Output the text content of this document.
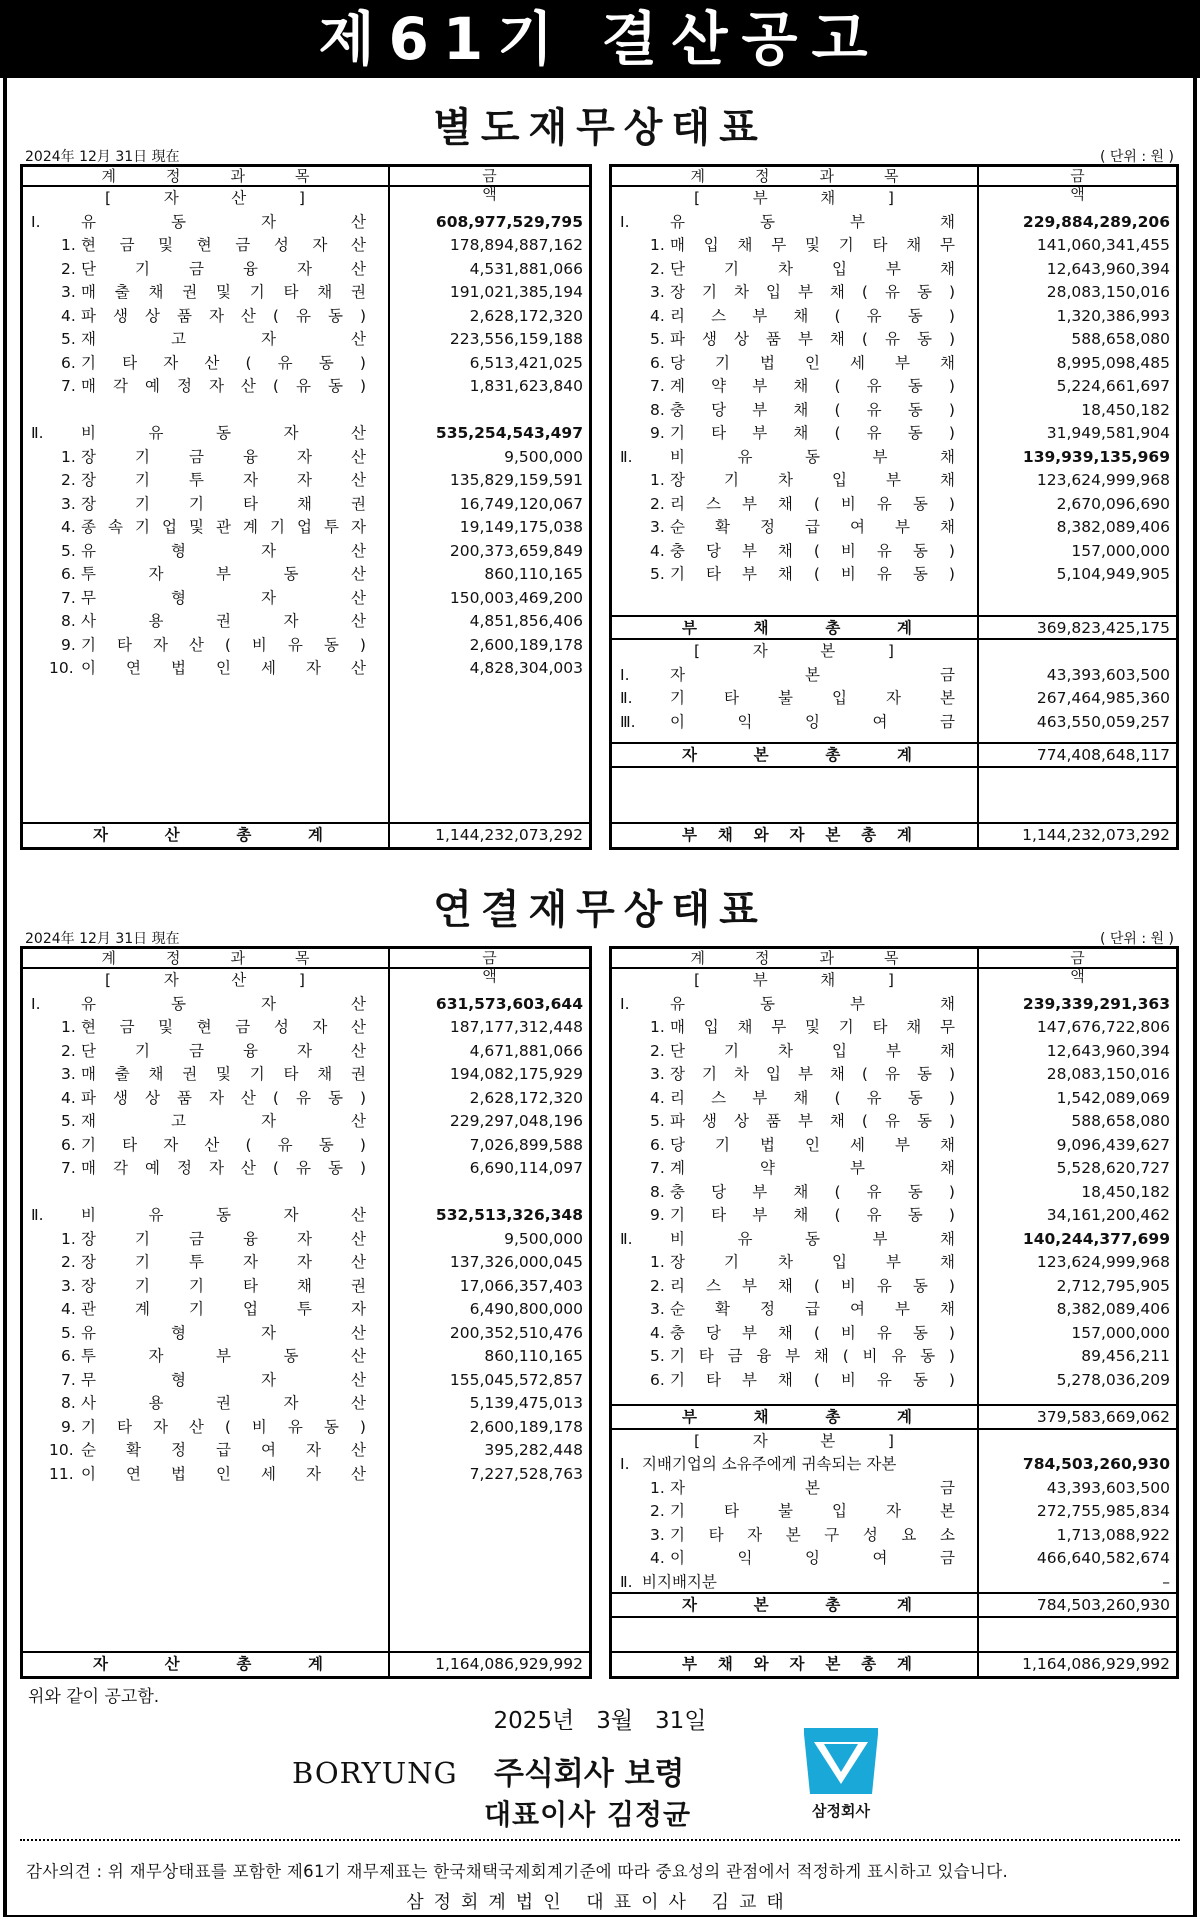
제61기 결산공고
별도재무상태표
2024年 12月 31日 現在	( 단위 : 원 )
계정과목	금액
[	자	산	]
Ⅰ.	유	동	자	산	608,977,529,795
1. 현 금 및 현 금 성 자 산	178,894,887,162
2. 단	기	금	융	자	산	4,531,881,066
3. 매 출 채 권 및 기 타 채 권	191,021,385,194
4. 파 생 상 품 자 산 ( 유 동 )	2,628,172,320
5. 재	고	자	산	223,556,159,188
6. 기 타 자 산 ( 유 동 )	6,513,421,025
7. 매 각 예 정 자 산 ( 유 동 )	1,831,623,840
Ⅱ. 비	유	동	자	산	535,254,543,497
1. 장	기	금	융	자	산	9,500,000
2. 장	기	투	자	자	산	135,829,159,591
3. 장	기	기	타	채	권	16,749,120,067
4. 종 속 기 업 및 관 계 기 업 투 자	19,149,175,038
5. 유	형	자	산	200,373,659,849
6. 투	자	부	동	산	860,110,165
7. 무	형	자	산	150,003,469,200
8. 사	용	권	자	산	4,851,856,406
9. 기 타 자 산 ( 비 유 동 )	2,600,189,178
10. 이 연 법 인 세 자 산	4,828,304,003
자	산	총	계	1,144,232,073,292
계정과목	금액
[	부	채	]
Ⅰ.	유	동	부	채	229,884,289,206
1. 매 입 채 무 및 기 타 채 무	141,060,341,455
2. 단	기	차	입	부	채	12,643,960,394
3. 장 기 차 입 부 채 ( 유 동 )	28,083,150,016
4. 리 스 부 채 ( 유 동 )	1,320,386,993
5. 파 생 상 품 부 채 ( 유 동 )	588,658,080
6. 당 기 법 인 세 부 채	8,995,098,485
7. 계 약 부 채 ( 유 동 )	5,224,661,697
8. 충 당 부 채 ( 유 동 )	18,450,182
9. 기 타 부 채 ( 유 동 )	31,949,581,904
Ⅱ. 비	유	동	부	채	139,939,135,969
1. 장	기	차	입	부	채	123,624,999,968
2. 리 스 부 채 ( 비 유 동 )	2,670,096,690
3. 순 확 정 급 여 부 채	8,382,089,406
4. 충 당 부 채 ( 비 유 동 )	157,000,000
5. 기 타 부 채 ( 비 유 동 )	5,104,949,905
부	채	총	계	369,823,425,175
[	자	본	]
Ⅰ.	자	본	금	43,393,603,500
Ⅱ. 기	타	불	입	자	본	267,464,985,360
Ⅲ. 이	익	잉	여	금	463,550,059,257
자	본	총	계	774,408,648,117
부 채 와 자 본 총 계	1,144,232,073,292
연결재무상태표
2024年 12月 31日 現在	( 단위 : 원 )
계정과목	금액
[	자	산	]
Ⅰ.	유	동	자	산	631,573,603,644
1. 현 금 및 현 금 성 자 산	187,177,312,448
2. 단	기	금	융	자	산	4,671,881,066
3. 매 출 채 권 및 기 타 채 권	194,082,175,929
4. 파 생 상 품 자 산 ( 유 동 )	2,628,172,320
5. 재	고	자	산	229,297,048,196
6. 기 타 자 산 ( 유 동 )	7,026,899,588
7. 매 각 예 정 자 산 ( 유 동 )	6,690,114,097
Ⅱ. 비	유	동	자	산	532,513,326,348
1. 장	기	금	융	자	산	9,500,000
2. 장	기	투	자	자	산	137,326,000,045
3. 장	기	기	타	채	권	17,066,357,403
4. 관	계	기	업	투	자	6,490,800,000
5. 유	형	자	산	200,352,510,476
6. 투	자	부	동	산	860,110,165
7. 무	형	자	산	155,045,572,857
8. 사	용	권	자	산	5,139,475,013
9. 기 타 자 산 ( 비 유 동 )	2,600,189,178
10. 순 확 정 급 여 자 산	395,282,448
11. 이 연 법 인 세 자 산	7,227,528,763
자	산	총	계	1,164,086,929,992
계정과목	금액
[	부	채	]
Ⅰ.	유	동	부	채	239,339,291,363
1. 매 입 채 무 및 기 타 채 무	147,676,722,806
2. 단	기	차	입	부	채	12,643,960,394
3. 장 기 차 입 부 채 ( 유 동 )	28,083,150,016
4. 리 스 부 채 ( 유 동 )	1,542,089,069
5. 파 생 상 품 부 채 ( 유 동 )	588,658,080
6. 당 기 법 인 세 부 채	9,096,439,627
7. 계	약	부	채	5,528,620,727
8. 충 당 부 채 ( 유 동 )	18,450,182
9. 기 타 부 채 ( 유 동 )	34,161,200,462
Ⅱ. 비	유	동	부	채	140,244,377,699
1. 장	기	차	입	부	채	123,624,999,968
2. 리 스 부 채 ( 비 유 동 )	2,712,795,905
3. 순 확 정 급 여 부 채	8,382,089,406
4. 충 당 부 채 ( 비 유 동 )	157,000,000
5. 기 타 금 융 부 채 ( 비 유 동 )	89,456,211
6. 기 타 부 채 ( 비 유 동 )	5,278,036,209
부	채	총	계	379,583,669,062
[	자	본	]
Ⅰ. 지배기업의 소유주에게 귀속되는 자본	784,503,260,930
1. 자	본	금	43,393,603,500
2. 기	타	불	입	자	본	272,755,985,834
3. 기 타 자 본 구 성 요 소	1,713,088,922
4. 이	익	잉	여	금	466,640,582,674
Ⅱ. 비지배지분	–
자	본	총	계	784,503,260,930
부 채 와 자 본 총 계	1,164,086,929,992
위와 같이 공고함.
2025년   3월   31일
BORYUNG 주식회사 보령
대표이사 김정균	삼정회사
감사의견 : 위 재무상태표를 포함한 제61기 재무제표는 한국채택국제회계기준에 따라 중요성의 관점에서 적정하게 표시하고 있습니다.
삼정회계법인 대표이사 김교태
